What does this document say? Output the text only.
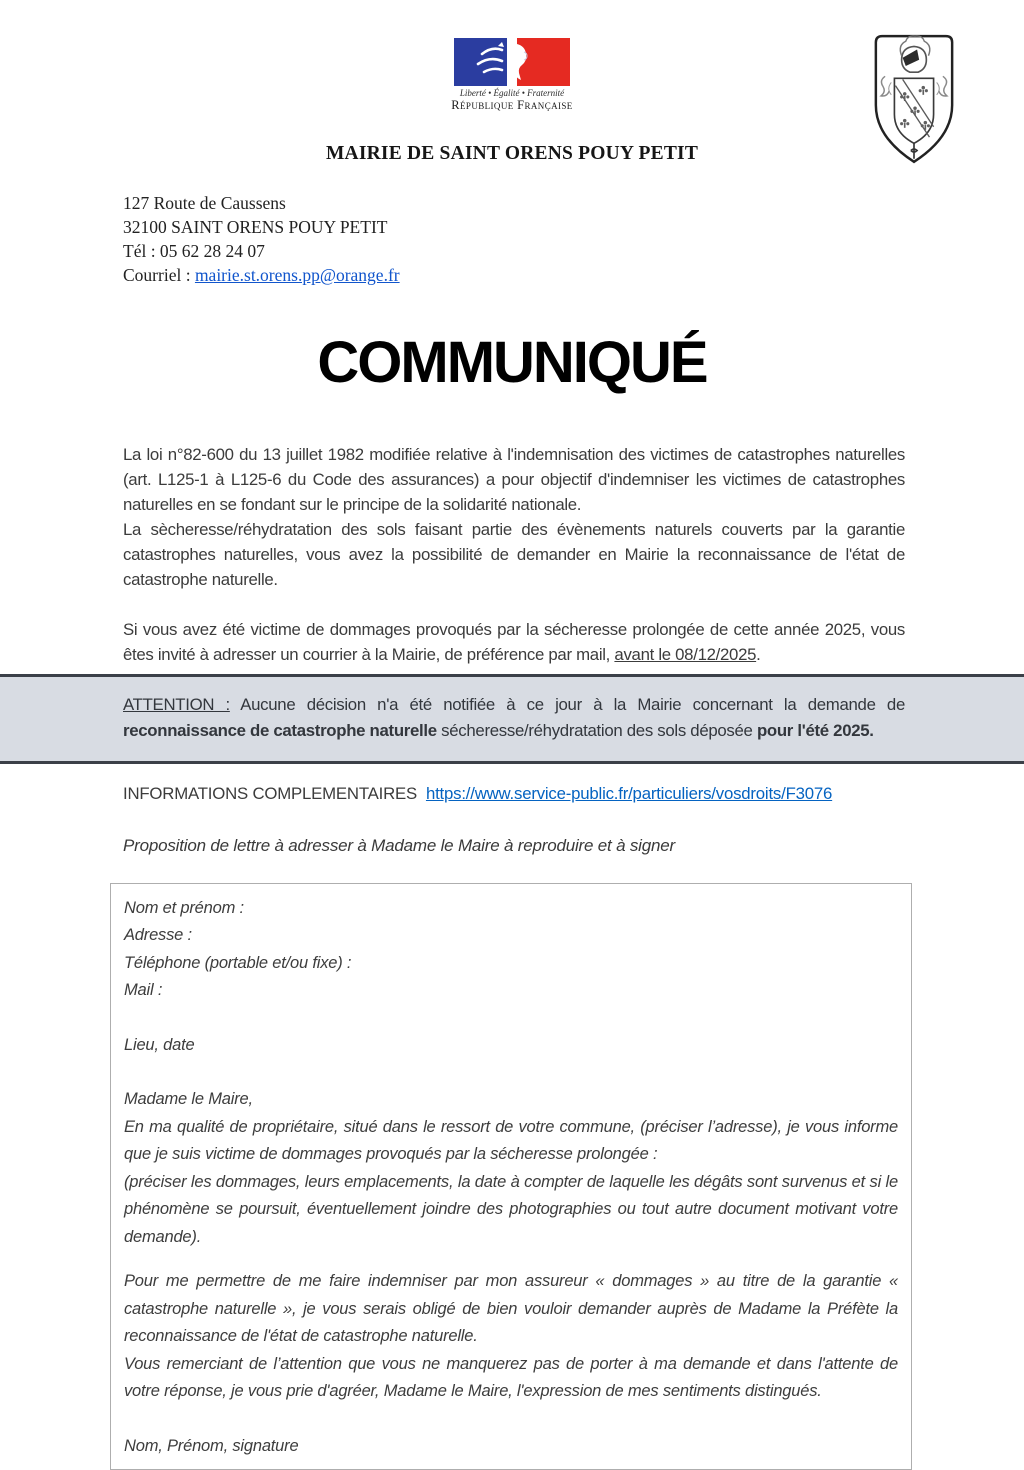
Liberté • Égalité • Fraternité
République Française
MAIRIE DE SAINT ORENS POUY PETIT
127 Route de Caussens
32100 SAINT ORENS POUY PETIT
Tél : 05 62 28 24 07
Courriel : mairie.st.orens.pp@orange.fr
COMMUNIQUÉ

La loi n°82-600 du 13 juillet 1982 modifiée relative à l'indemnisation des victimes de catastrophes naturelles (art. L125-1 à L125-6 du Code des assurances) a pour objectif d'indemniser les victimes de catastrophes naturelles en se fondant sur le principe de la solidarité nationale.

La sècheresse/réhydratation des sols faisant partie des évènements naturels couverts par la garantie catastrophes naturelles, vous avez la possibilité de demander en Mairie la reconnaissance de l'état de catastrophe naturelle.

Si vous avez été victime de dommages provoqués par la sécheresse prolongée de cette année 2025, vous êtes invité à adresser un courrier à la Mairie, de préférence par mail, avant le 08/12/2025.

ATTENTION : Aucune décision n'a été notifiée à ce jour à la Mairie concernant la demande de reconnaissance de catastrophe naturelle sécheresse/réhydratation des sols déposée pour l'été 2025.
INFORMATIONS COMPLEMENTAIRES https://www.service-public.fr/particuliers/vosdroits/F3076
Proposition de lettre à adresser à Madame le Maire à reproduire et à signer

Nom et prénom :

Adresse :

Téléphone (portable et/ou fixe) :

Mail :

Lieu, date

Madame le Maire,

En ma qualité de propriétaire, situé dans le ressort de votre commune, (préciser l’adresse), je vous informe que je suis victime de dommages provoqués par la sécheresse prolongée :

(préciser les dommages, leurs emplacements, la date à compter de laquelle les dégâts sont survenus et si le phénomène se poursuit, éventuellement joindre des photographies ou tout autre document motivant votre demande).

Pour me permettre de me faire indemniser par mon assureur « dommages » au titre de la garantie « catastrophe naturelle », je vous serais obligé de bien vouloir demander auprès de Madame la Préfète la reconnaissance de l'état de catastrophe naturelle.

Vous remerciant de l’attention que vous ne manquerez pas de porter à ma demande et dans l'attente de votre réponse, je vous prie d'agréer, Madame le Maire, l'expression de mes sentiments distingués.

Nom, Prénom, signature
